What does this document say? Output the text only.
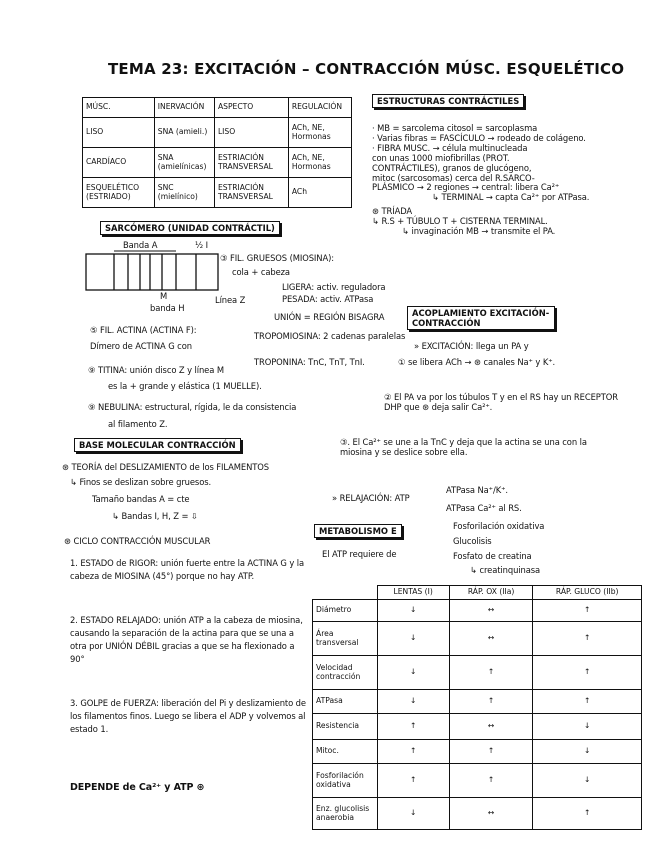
TEMA 23: EXCITACIÓN – CONTRACCIÓN MÚSC. ESQUELÉTICO
MÚSC.	INERVACIÓN	ASPECTO	REGULACIÓN
LISO	SNA (amieli.)	LISO	ACh, NE, Hormonas
CARDÍACO	SNA (amielínicas)	ESTRIACIÓN TRANSVERSAL	ACh, NE, Hormonas
ESQUELÉTICO (ESTRIADO)	SNC (mielínico)	ESTRIACIÓN TRANSVERSAL	ACh
ESTRUCTURAS CONTRÁCTILES
· MB = sarcolema citosol = sarcoplasma
· Varias fibras = FASCÍCULO → rodeado de colágeno.
· FIBRA MUSC. → célula multinucleada
con unas 1000 miofibrillas (PROT.
CONTRÁCTILES), granos de glucógeno,
mitoc (sarcosomas) cerca del R.SARCO-
PLÁSMICO → 2 regiones → central: libera Ca²⁺
↳ TERMINAL → capta Ca²⁺ por ATPasa.
⊛ TRÍADA
↳ R.S + TÚBULO T + CISTERNA TERMINAL.
↳ invaginación MB → transmite el PA.
SARCÓMERO (UNIDAD CONTRÁCTIL)
Banda A	½ I
M
banda H
Línea Z
③ FIL. GRUESOS (MIOSINA):
cola + cabeza
LIGERA: activ. reguladora
PESADA: activ. ATPasa
UNIÓN = REGIÓN BISAGRA
⑤ FIL. ACTINA (ACTINA F):
Dímero de ACTINA G con
TROPOMIOSINA: 2 cadenas paralelas
TROPONINA: TnC, TnT, TnI.
⑨ TITINA: unión disco Z y línea M
es la + grande y elástica (1 MUELLE).
⑨ NEBULINA: estructural, rígida, le da consistencia
al filamento Z.
ACOPLAMIENTO EXCITACIÓN-CONTRACCIÓN
» EXCITACIÓN: llega un PA y
① se libera ACh → ⊛ canales Na⁺ y K⁺.
② El PA va por los túbulos T y en el RS hay un RECEPTOR DHP que ⊛ deja salir Ca²⁺.
③. El Ca²⁺ se une a la TnC y deja que la actina se una con la miosina y se deslice sobre ella.
» RELAJACIÓN: ATP
ATPasa Na⁺/K⁺.
ATPasa Ca²⁺ al RS.
BASE MOLECULAR CONTRACCIÓN
⊛ TEORÍA del DESLIZAMIENTO de los FILAMENTOS
↳ Finos se deslizan sobre gruesos.
Tamaño bandas A = cte
↳ Bandas I, H, Z = ⇩
⊛ CICLO CONTRACCIÓN MUSCULAR
1. ESTADO de RIGOR: unión fuerte entre la ACTINA G y la cabeza de MIOSINA (45°) porque no hay ATP.
2. ESTADO RELAJADO: unión ATP a la cabeza de miosina, causando la separación de la actina para que se una a otra por UNIÓN DÉBIL gracias a que se ha flexionado a 90°
3. GOLPE de FUERZA: liberación del Pi y deslizamiento de los filamentos finos. Luego se libera el ADP y volvemos al estado 1.
DEPENDE de Ca²⁺ y ATP ⊛
METABOLISMO E
El ATP requiere de
Fosforilación oxidativa
Glucolisis
Fosfato de creatina
↳ creatinquinasa
	LENTAS (I)	RÁP. OX (IIa)	RÁP. GLUCO (IIb)
Diámetro	↓	↔	↑
Área transversal	↓	↔	↑
Velocidad contracción	↓	↑	↑
ATPasa	↓	↑	↑
Resistencia	↑	↔	↓
Mitoc.	↑	↑	↓
Fosforilación oxidativa	↑	↑	↓
Enz. glucolisis anaerobia	↓	↔	↑
